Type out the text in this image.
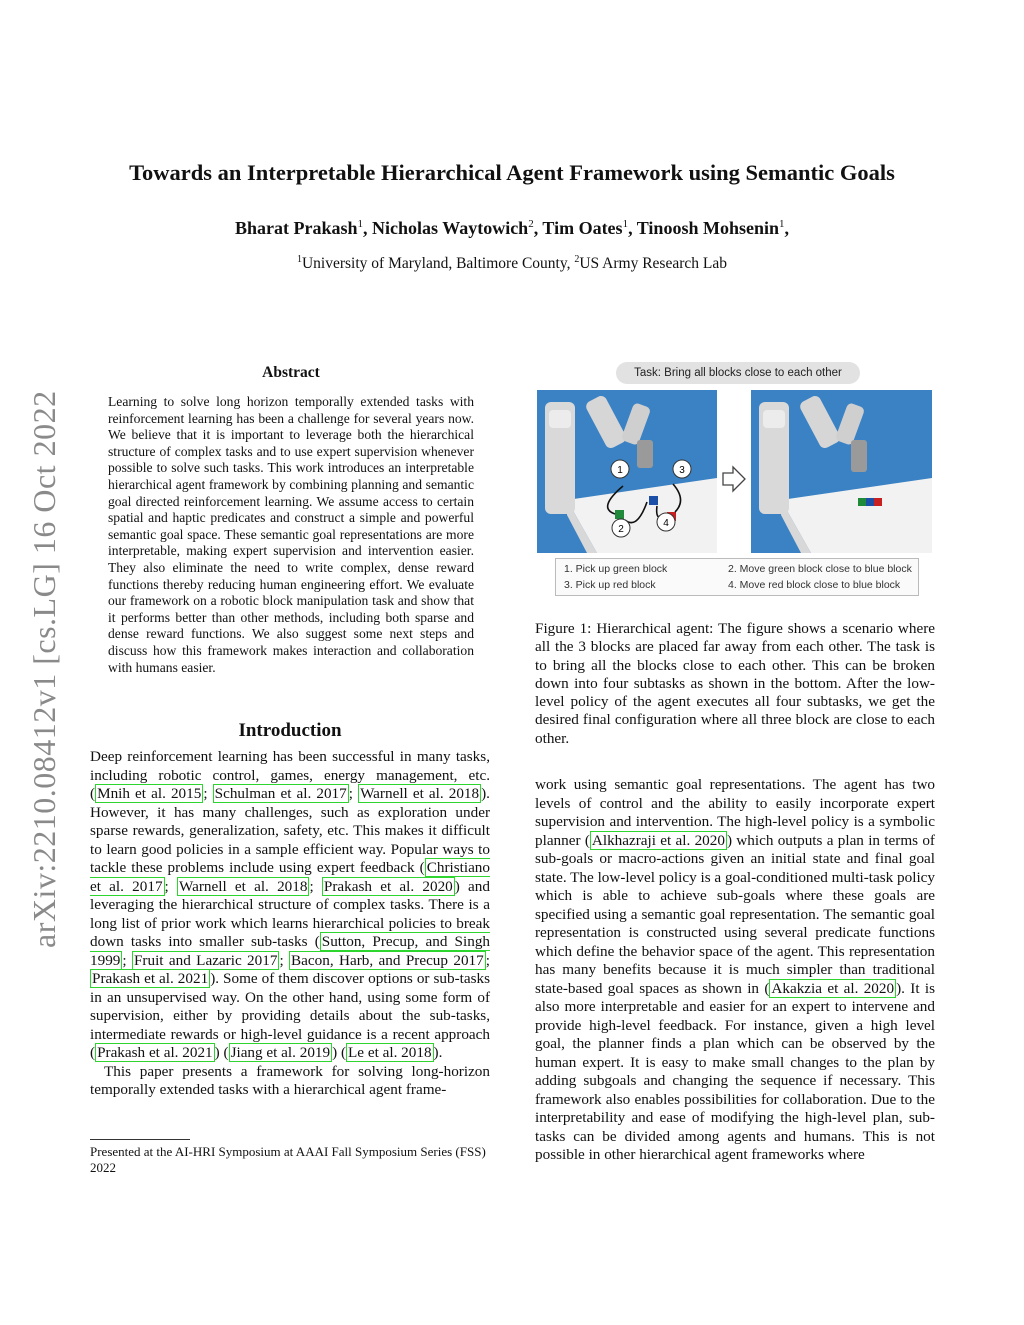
Towards an Interpretable Hierarchical Agent Framework using Semantic Goals
Bharat Prakash$^1$, Nicholas Waytowich$^2$, Tim Oates$^1$, Tinoosh Mohsenin$^1$,
$^1$University of Maryland, Baltimore County, $^2$US Army Research Lab
arXiv:2210.08412v1 [cs.LG] 16 Oct 2022
Abstract
Learning to solve long horizon temporally extended tasks with reinforcement learning has been a challenge for several years now. We believe that it is important to leverage both the hierarchical structure of complex tasks and to use expert supervision whenever possible to solve such tasks. This work introduces an interpretable hierarchical agent framework by combining planning and semantic goal directed reinforcement learning. We assume access to certain spatial and haptic predicates and construct a simple and powerful semantic goal space. These semantic goal representations are more interpretable, making expert supervision and intervention easier. They also eliminate the need to write complex, dense reward functions thereby reducing human engineering effort. We evaluate our framework on a robotic block manipulation task and show that it performs better than other methods, including both sparse and dense reward functions. We also suggest some next steps and discuss how this framework makes interaction and collaboration with humans easier.
Introduction

Deep reinforcement learning has been successful in many tasks, including robotic control, games, energy management, etc. ( Mnih et al. 2015 ; Schulman et al. 2017 ; Warnell et al. 2018 ). However, it has many challenges, such as exploration under sparse rewards, generalization, safety, etc. This makes it difficult to learn good policies in a sample efficient way. Popular ways to tackle these problems include using expert feedback ( Christiano et al. 2017 ; Warnell et al. 2018 ; Prakash et al. 2020 ) and leveraging the hierarchical structure of complex tasks. There is a long list of prior work which learns hierarchical policies to break down tasks into smaller sub-tasks ( Sutton, Precup, and Singh 1999 ; Fruit and Lazaric 2017 ; Bacon, Harb, and Precup 2017 ; Prakash et al. 2021 ). Some of them discover options or sub-tasks in an unsupervised way. On the other hand, using some form of supervision, either by providing details about the sub-tasks, intermediate rewards or high-level guidance is a recent approach ( Prakash et al. 2021 ) ( Jiang et al. 2019 ) ( Le et al. 2018 ).

This paper presents a framework for solving long-horizon temporally extended tasks with a hierarchical agent frame-

Presented at the AI-HRI Symposium at AAAI Fall Symposium Series (FSS) 2022
Task: Bring all blocks close to each other
1
2
3
4
1. Pick up green block	2. Move green block close to blue block
3. Pick up red block	4. Move red block close to blue block
Figure 1: Hierarchical agent: The figure shows a scenario where all the 3 blocks are placed far away from each other. The task is to bring all the blocks close to each other. This can be broken down into four subtasks as shown in the bottom. After the low-level policy of the agent executes all four subtasks, we get the desired final configuration where all three block are close to each other.

work using semantic goal representations. The agent has two levels of control and the ability to easily incorporate expert supervision and intervention. The high-level policy is a symbolic planner ( Alkhazraji et al. 2020 ) which outputs a plan in terms of sub-goals or macro-actions given an initial state and final goal state. The low-level policy is a goal-conditioned multi-task policy which is able to achieve sub-goals where these goals are specified using a semantic goal representation. The semantic goal representation is constructed using several predicate functions which define the behavior space of the agent. This representation has many benefits because it is much simpler than traditional state-based goal spaces as shown in ( Akakzia et al. 2020 ). It is also more interpretable and easier for an expert to intervene and provide high-level feedback. For instance, given a high level goal, the planner finds a plan which can be observed by the human expert. It is easy to make small changes to the plan by adding subgoals and changing the sequence if necessary. This framework also enables possibilities for collaboration. Due to the interpretability and ease of modifying the high-level plan, sub-tasks can be divided among agents and humans. This is not possible in other hierarchical agent frameworks where
